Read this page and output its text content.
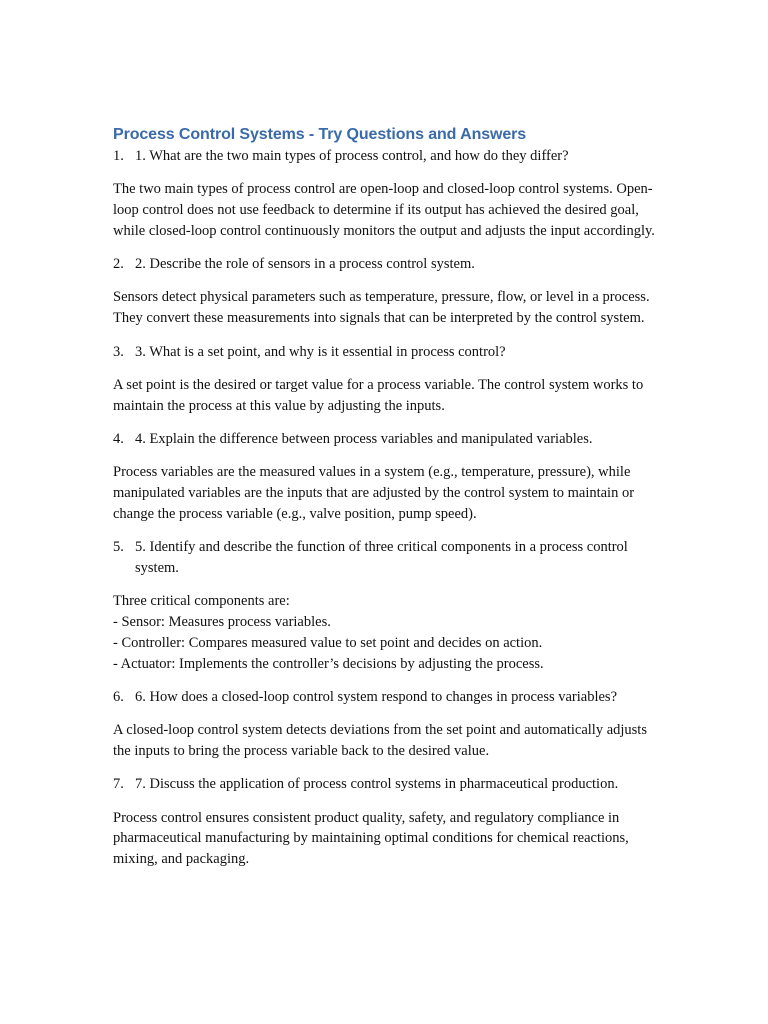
Process Control Systems - Try Questions and Answers
1. 1. What are the two main types of process control, and how do they differ?
The two main types of process control are open-loop and closed-loop control systems. Open-loop control does not use feedback to determine if its output has achieved the desired goal, while closed-loop control continuously monitors the output and adjusts the input accordingly.
2. 2. Describe the role of sensors in a process control system.
Sensors detect physical parameters such as temperature, pressure, flow, or level in a process. They convert these measurements into signals that can be interpreted by the control system.
3. 3. What is a set point, and why is it essential in process control?
A set point is the desired or target value for a process variable. The control system works to maintain the process at this value by adjusting the inputs.
4. 4. Explain the difference between process variables and manipulated variables.
Process variables are the measured values in a system (e.g., temperature, pressure), while manipulated variables are the inputs that are adjusted by the control system to maintain or change the process variable (e.g., valve position, pump speed).
5. 5. Identify and describe the function of three critical components in a process control system.
Three critical components are:
- Sensor: Measures process variables.
- Controller: Compares measured value to set point and decides on action.
- Actuator: Implements the controller’s decisions by adjusting the process.
6. 6. How does a closed-loop control system respond to changes in process variables?
A closed-loop control system detects deviations from the set point and automatically adjusts the inputs to bring the process variable back to the desired value.
7. 7. Discuss the application of process control systems in pharmaceutical production.
Process control ensures consistent product quality, safety, and regulatory compliance in pharmaceutical manufacturing by maintaining optimal conditions for chemical reactions, mixing, and packaging.
